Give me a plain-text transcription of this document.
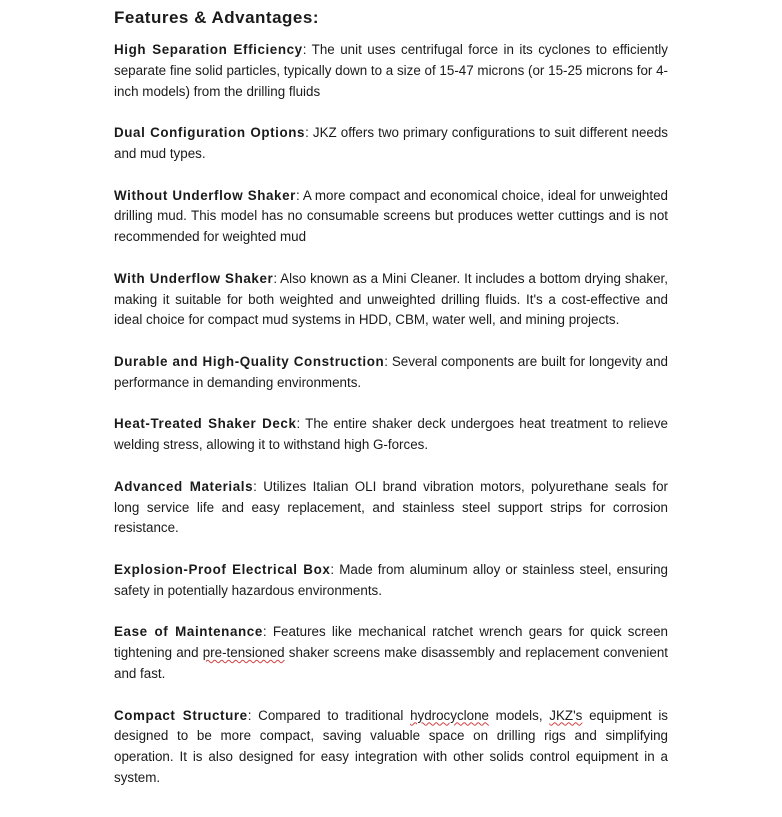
Features & Advantages:

High Separation Efficiency: The unit uses centrifugal force in its cyclones to efficiently separate fine solid particles, typically down to a size of 15-47 microns (or 15-25 microns for 4-inch models) from the drilling fluids

Dual Configuration Options: JKZ offers two primary configurations to suit different needs and mud types.

Without Underflow Shaker: A more compact and economical choice, ideal for unweighted drilling mud. This model has no consumable screens but produces wetter cuttings and is not recommended for weighted mud

With Underflow Shaker: Also known as a Mini Cleaner. It includes a bottom drying shaker, making it suitable for both weighted and unweighted drilling fluids. It's a cost-effective and ideal choice for compact mud systems in HDD, CBM, water well, and mining projects.

Durable and High-Quality Construction: Several components are built for longevity and performance in demanding environments.

Heat-Treated Shaker Deck: The entire shaker deck undergoes heat treatment to relieve welding stress, allowing it to withstand high G-forces.

Advanced Materials: Utilizes Italian OLI brand vibration motors, polyurethane seals for long service life and easy replacement, and stainless steel support strips for corrosion resistance.

Explosion-Proof Electrical Box: Made from aluminum alloy or stainless steel, ensuring safety in potentially hazardous environments.

Ease of Maintenance: Features like mechanical ratchet wrench gears for quick screen tightening and pre-tensioned shaker screens make disassembly and replacement convenient and fast.

Compact Structure: Compared to traditional hydrocyclone models, JKZ's equipment is designed to be more compact, saving valuable space on drilling rigs and simplifying operation. It is also designed for easy integration with other solids control equipment in a system.
